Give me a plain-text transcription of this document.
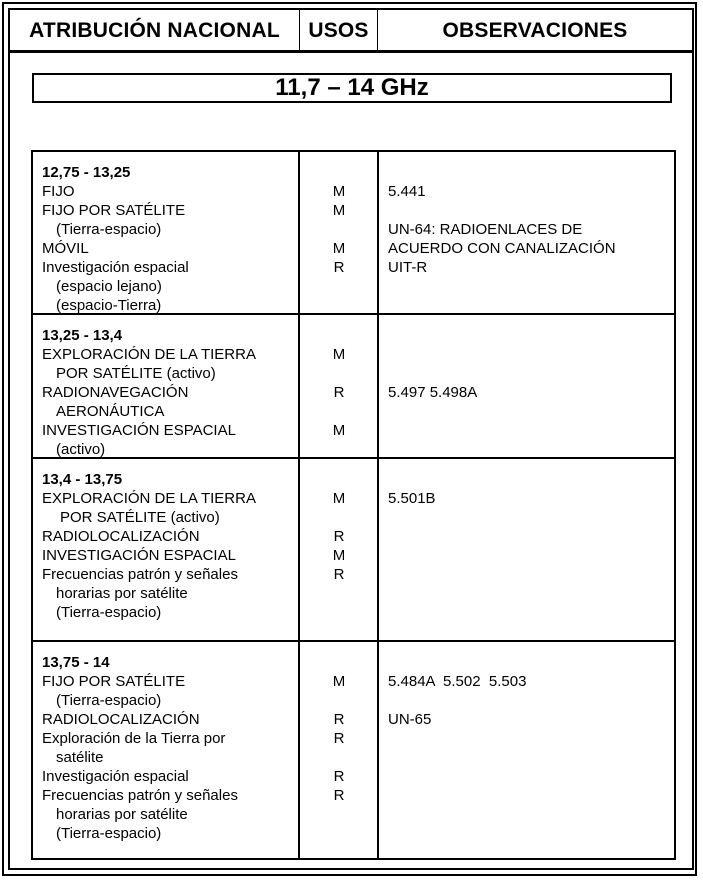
ATRIBUCIÓN NACIONAL	USOS	OBSERVACIONES
11,7 – 14 GHz
12,75 - 13,25
FIJO
FIJO POR SATÉLITE
(Tierra-espacio)
MÓVIL
Investigación espacial
(espacio lejano)
(espacio-Tierra)
M
M
M
R
5.441
UN-64: RADIOENLACES DE
ACUERDO CON CANALIZACIÓN
UIT-R
13,25 - 13,4
EXPLORACIÓN DE LA TIERRA
POR SATÉLITE (activo)
RADIONAVEGACIÓN
AERONÁUTICA
INVESTIGACIÓN ESPACIAL
(activo)
M
R
M
5.497 5.498A
13,4 - 13,75
EXPLORACIÓN DE LA TIERRA
POR SATÉLITE (activo)
RADIOLOCALIZACIÓN
INVESTIGACIÓN ESPACIAL
Frecuencias patrón y señales
horarias por satélite
(Tierra-espacio)
M
R
M
R
5.501B
13,75 - 14
FIJO POR SATÉLITE
(Tierra-espacio)
RADIOLOCALIZACIÓN
Exploración de la Tierra por
satélite
Investigación espacial
Frecuencias patrón y señales
horarias por satélite
(Tierra-espacio)
M
R
R
R
R
5.484A  5.502  5.503
UN-65
